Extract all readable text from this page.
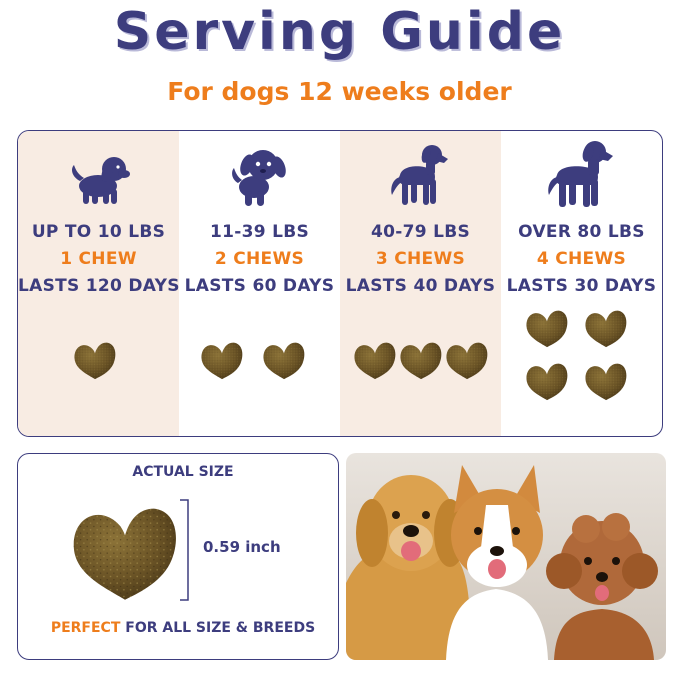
Serving Guide
For dogs 12 weeks older
UP TO 10 LBS
1 CHEW
LASTS 120 DAYS
11-39 LBS
2 CHEWS
LASTS 60 DAYS
40-79 LBS
3 CHEWS
LASTS 40 DAYS
OVER 80 LBS
4 CHEWS
LASTS 30 DAYS
ACTUAL SIZE
0.59 inch
PERFECT FOR ALL SIZE & BREEDS
